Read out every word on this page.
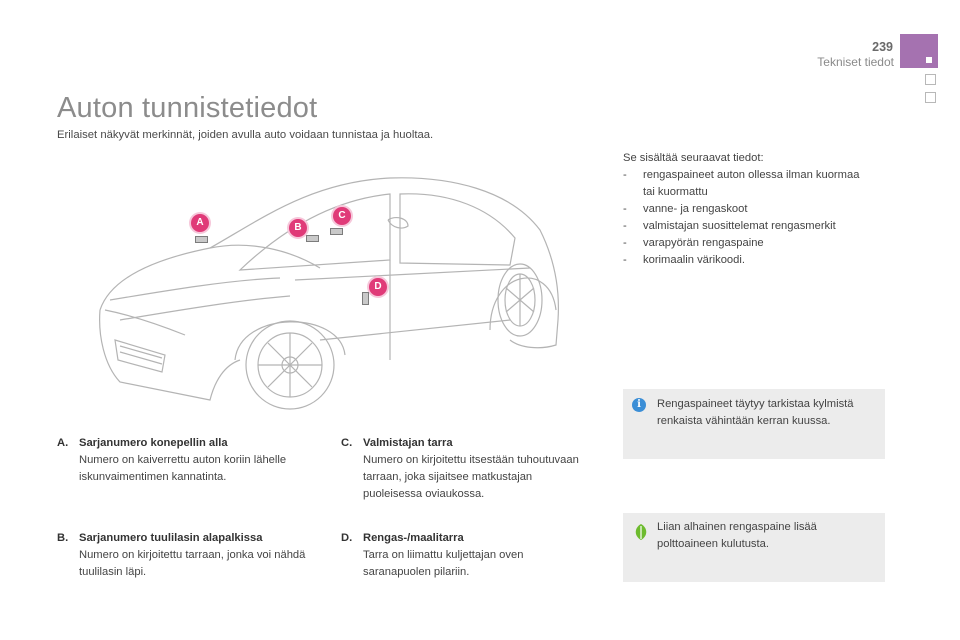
239
Tekniset tiedot
Auton tunnistetiedot

Erilaiset näkyvät merkinnät, joiden avulla auto voidaan tunnistaa ja huoltaa.

A	B
C
D
A. Sarjanumero konepellin alla
Numero on kaiverrettu auton koriin lähelle iskunvaimentimen kannatinta.
B. Sarjanumero tuulilasin alapalkissa
Numero on kirjoitettu tarraan, jonka voi nähdä tuulilasin läpi.
C. Valmistajan tarra
Numero on kirjoitettu itsestään tuhoutuvaan tarraan, joka sijaitsee matkustajan puoleisessa oviaukossa.
D. Rengas-/maalitarra
Tarra on liimattu kuljettajan oven saranapuolen pilariin.
Se sisältää seuraavat tiedot:
- rengaspaineet auton ollessa ilman kuormaa tai kuormattu
- vanne- ja rengaskoot
- valmistajan suosittelemat rengasmerkit
- varapyörän rengaspaine
- korimaalin värikoodi.
i	Rengaspaineet täytyy tarkistaa kylmistä renkaista vähintään kerran kuussa.
Liian alhainen rengaspaine lisää polttoaineen kulutusta.
